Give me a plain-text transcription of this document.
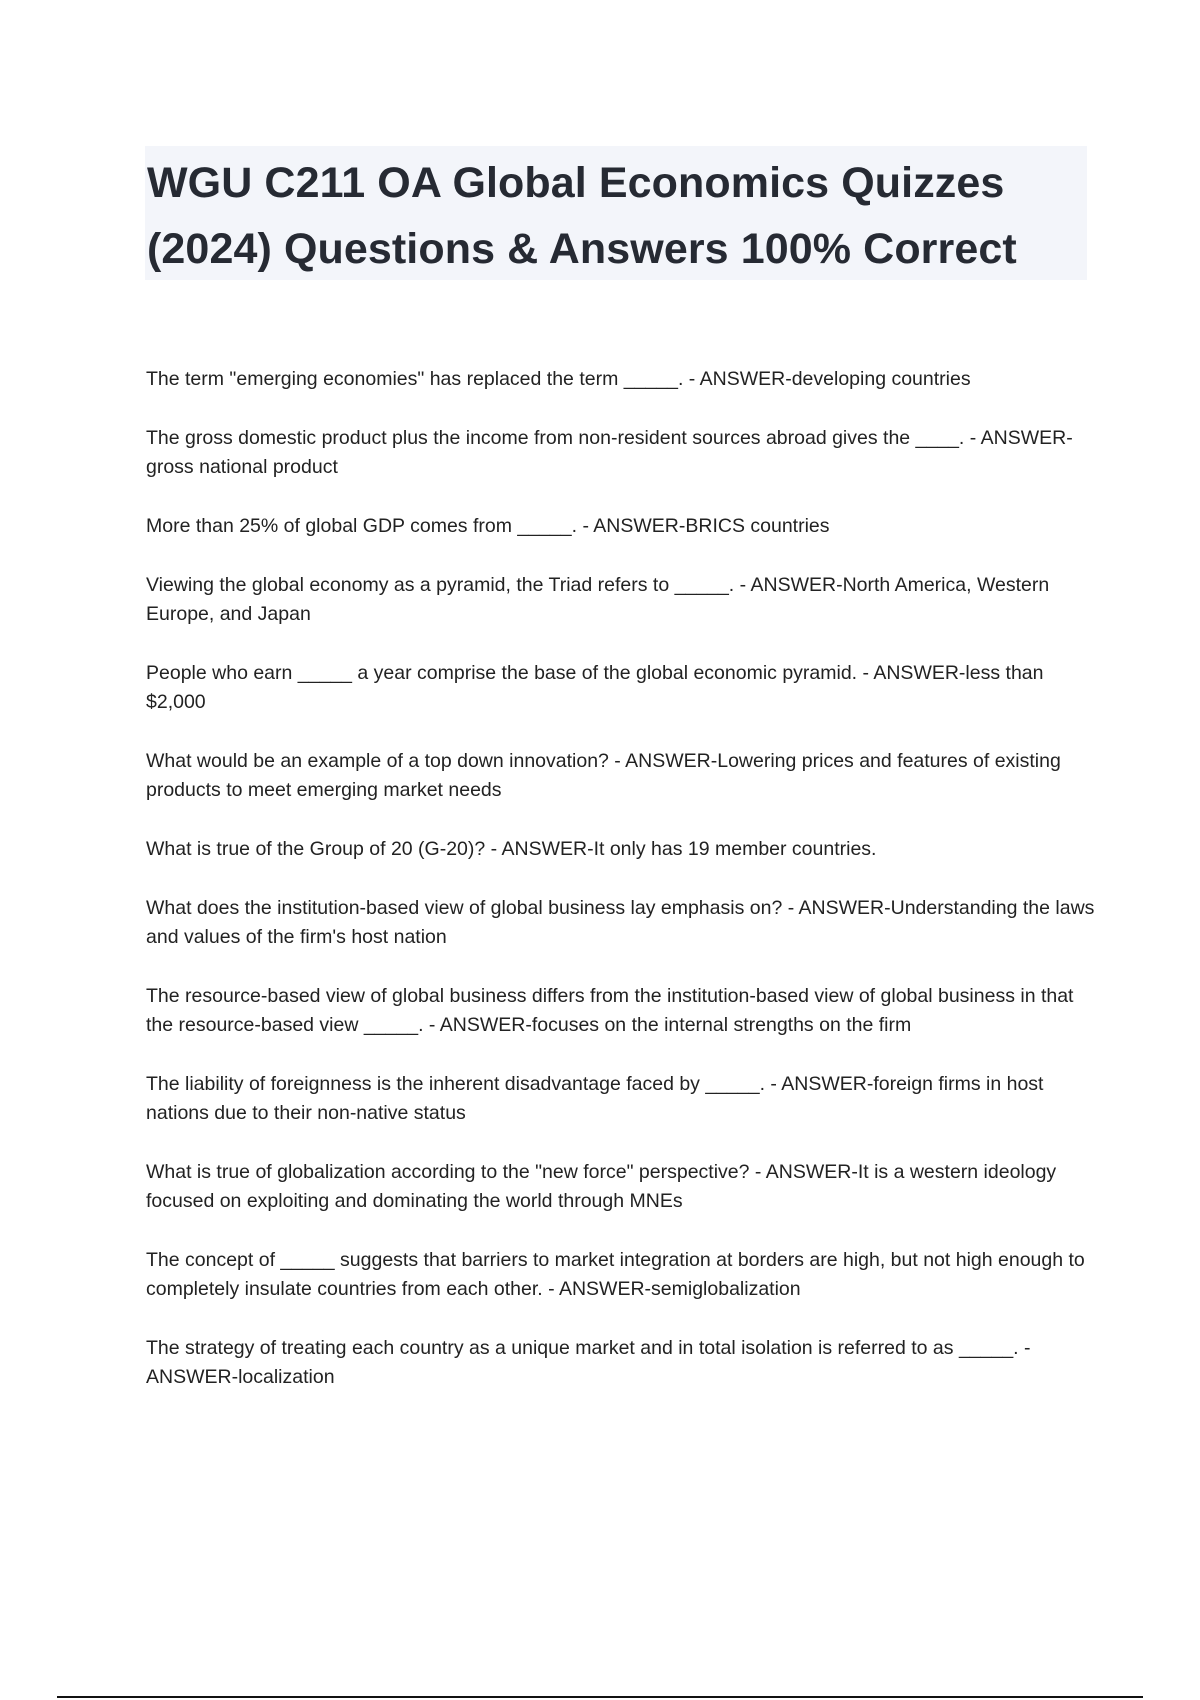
WGU C211 OA Global Economics Quizzes (2024) Questions & Answers 100% Correct
The term "emerging economies" has replaced the term _____. - ANSWER-developing countries
The gross domestic product plus the income from non-resident sources abroad gives the ____. - ANSWER-gross national product
More than 25% of global GDP comes from _____. - ANSWER-BRICS countries
Viewing the global economy as a pyramid, the Triad refers to _____. - ANSWER-North America, Western Europe, and Japan
People who earn _____ a year comprise the base of the global economic pyramid. - ANSWER-less than $2,000
What would be an example of a top down innovation? - ANSWER-Lowering prices and features of existing products to meet emerging market needs
What is true of the Group of 20 (G-20)? - ANSWER-It only has 19 member countries.
What does the institution-based view of global business lay emphasis on? - ANSWER-Understanding the laws and values of the firm's host nation
The resource-based view of global business differs from the institution-based view of global business in that the resource-based view _____. - ANSWER-focuses on the internal strengths on the firm
The liability of foreignness is the inherent disadvantage faced by _____. - ANSWER-foreign firms in host nations due to their non-native status
What is true of globalization according to the "new force" perspective? - ANSWER-It is a western ideology focused on exploiting and dominating the world through MNEs
The concept of _____ suggests that barriers to market integration at borders are high, but not high enough to completely insulate countries from each other. - ANSWER-semiglobalization
The strategy of treating each country as a unique market and in total isolation is referred to as _____. - ANSWER-localization
